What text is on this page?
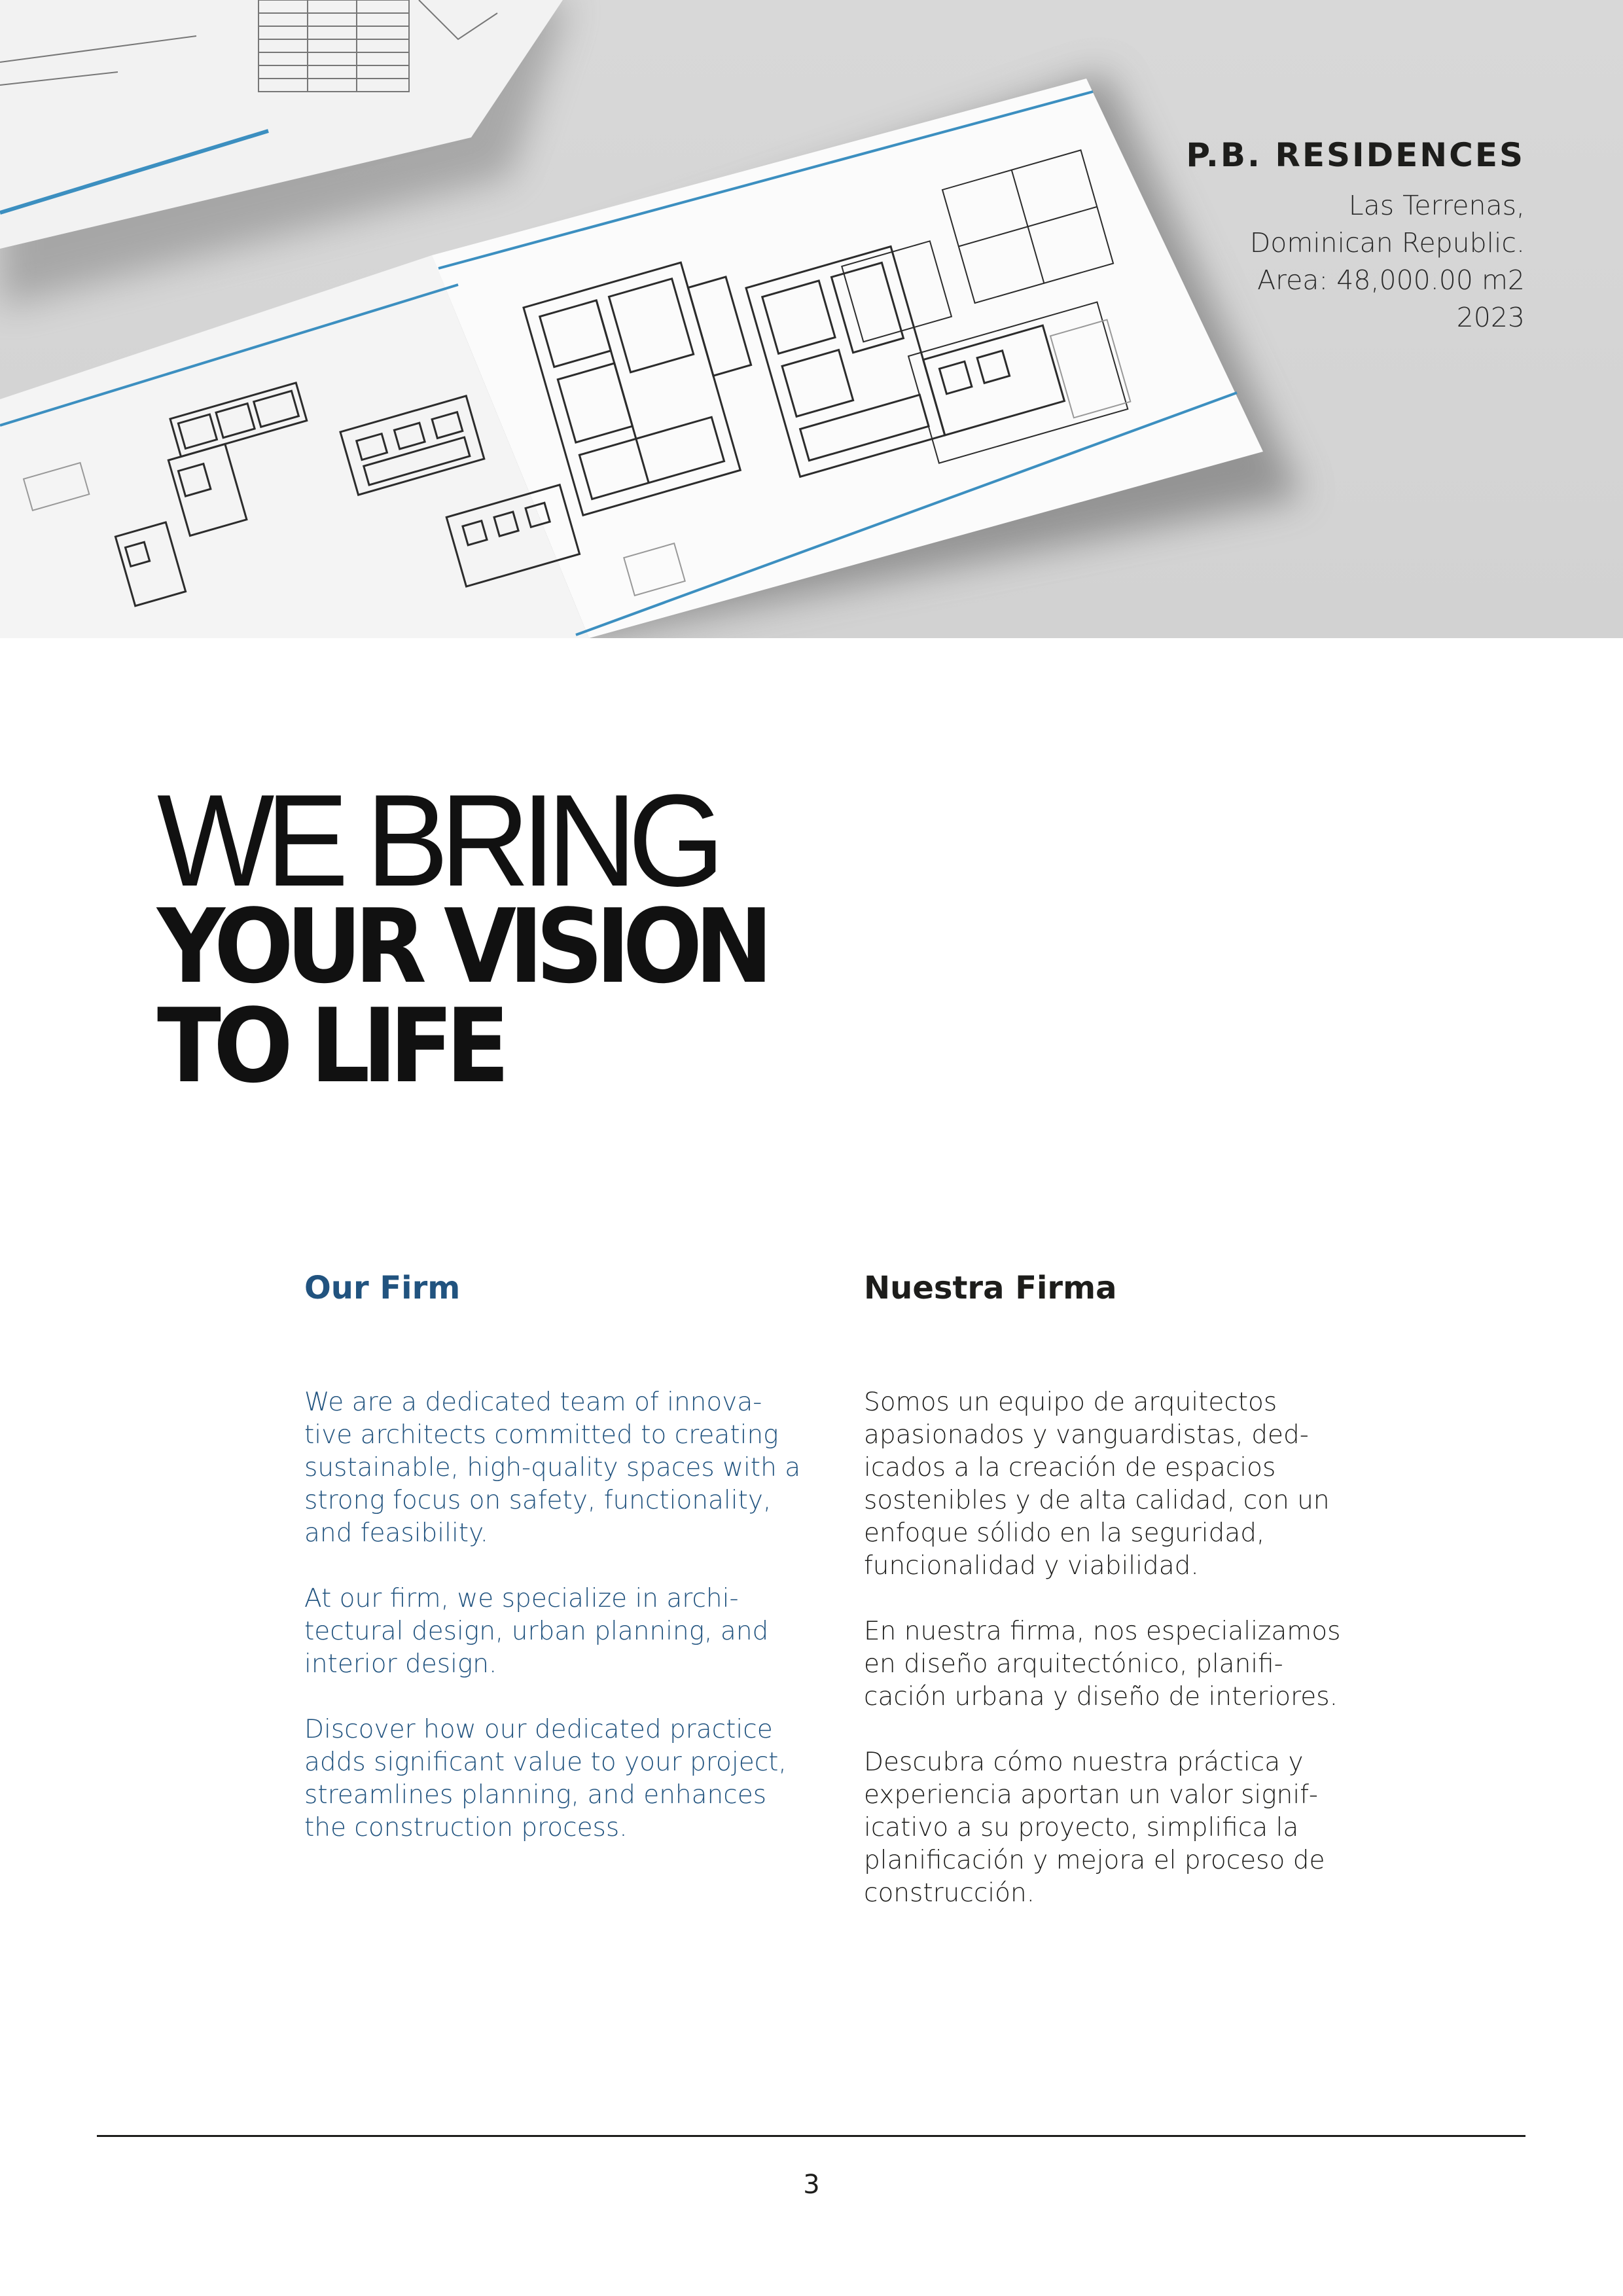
P.B. RESIDENCES
Las Terrenas,
Dominican Republic.
Area: 48,000.00 m2
2023
WE BRING
YOUR VISION
TO LIFE
Our Firm

We are a dedicated team of innova-tive architects committed to creating sustainable, high-quality spaces with a strong focus on safety, functionality, and feasibility.

At our firm, we specialize in archi-tectural design, urban planning, and interior design.

Discover how our dedicated practice adds significant value to your project, streamlines planning, and enhances the construction process.

Nuestra Firma

Somos un equipo de arquitectos apasionados y vanguardistas, ded-icados a la creación de espacios sostenibles y de alta calidad, con un enfoque sólido en la seguridad, funcionalidad y viabilidad.

En nuestra firma, nos especializamos en diseño arquitectónico, planifi-cación urbana y diseño de interiores.

Descubra cómo nuestra práctica y experiencia aportan un valor signif-icativo a su proyecto, simplifica la planificación y mejora el proceso de construcción.

3
